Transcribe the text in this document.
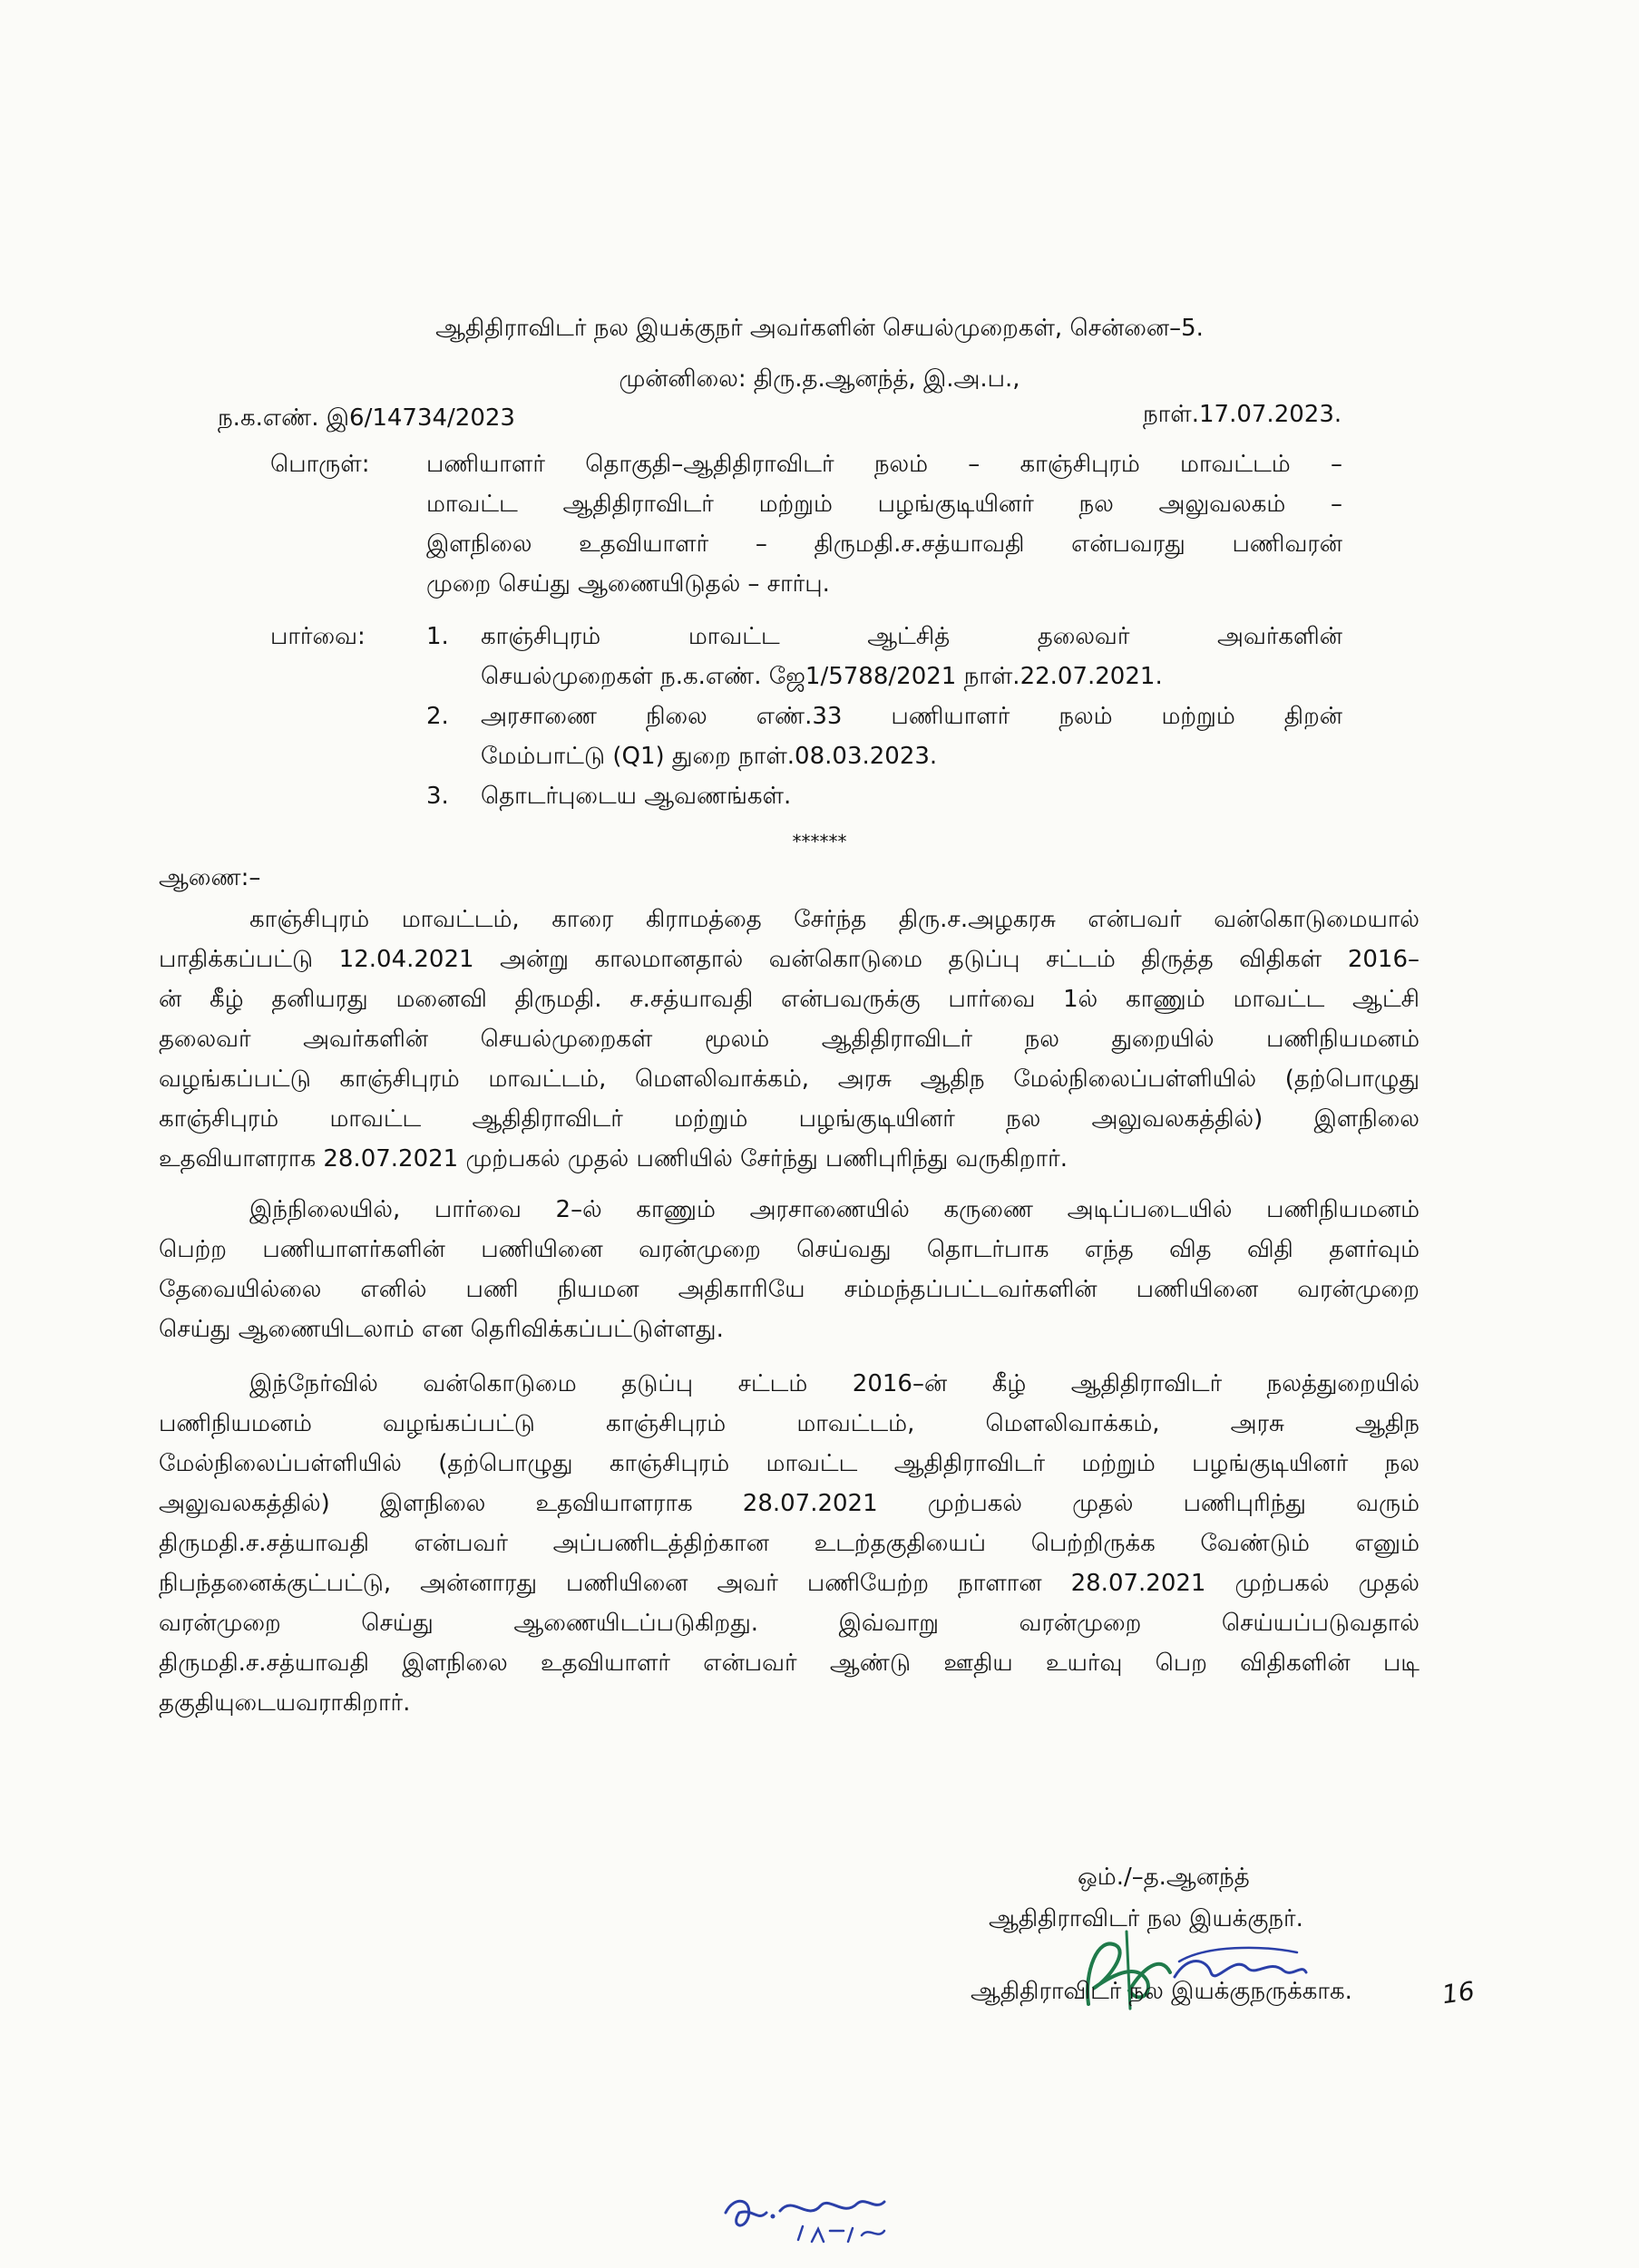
ஆதிதிராவிடர் நல இயக்குநர் அவர்களின் செயல்முறைகள், சென்னை–5.
முன்னிலை: திரு.த.ஆனந்த், இ.அ.ப.,
ந.க.எண். இ6/14734/2023	நாள்.17.07.2023.
பொருள்: பணியாளர் தொகுதி–ஆதிதிராவிடர் நலம் – காஞ்சிபுரம் மாவட்டம் –
மாவட்ட ஆதிதிராவிடர் மற்றும் பழங்குடியினர் நல அலுவலகம் –
இளநிலை உதவியாளர் – திருமதி.ச.சத்யாவதி என்பவரது பணிவரன்
முறை செய்து ஆணையிடுதல் – சார்பு.
பார்வை:	1. காஞ்சிபுரம் மாவட்ட ஆட்சித் தலைவர் அவர்களின்
செயல்முறைகள் ந.க.எண். ஜே1/5788/2021 நாள்.22.07.2021.
2. அரசாணை நிலை எண்.33 பணியாளர் நலம் மற்றும் திறன்
மேம்பாட்டு (Q1) துறை நாள்.08.03.2023.
3. தொடர்புடைய ஆவணங்கள்.
******
ஆணை:–
காஞ்சிபுரம் மாவட்டம், காரை கிராமத்தை சேர்ந்த திரு.ச.அழகரசு என்பவர் வன்கொடுமையால்
பாதிக்கப்பட்டு 12.04.2021 அன்று காலமானதால் வன்கொடுமை தடுப்பு சட்டம் திருத்த விதிகள் 2016–
ன் கீழ் தனியரது மனைவி திருமதி. ச.சத்யாவதி என்பவருக்கு பார்வை 1ல் காணும் மாவட்ட ஆட்சி
தலைவர் அவர்களின் செயல்முறைகள் மூலம் ஆதிதிராவிடர் நல துறையில் பணிநியமனம்
வழங்கப்பட்டு காஞ்சிபுரம் மாவட்டம், மௌலிவாக்கம், அரசு ஆதிந மேல்நிலைப்பள்ளியில் (தற்பொழுது
காஞ்சிபுரம் மாவட்ட ஆதிதிராவிடர் மற்றும் பழங்குடியினர் நல அலுவலகத்தில்) இளநிலை
உதவியாளராக 28.07.2021 முற்பகல் முதல் பணியில் சேர்ந்து பணிபுரிந்து வருகிறார்.
இந்நிலையில், பார்வை 2–ல் காணும் அரசாணையில் கருணை அடிப்படையில் பணிநியமனம்
பெற்ற பணியாளர்களின் பணியினை வரன்முறை செய்வது தொடர்பாக எந்த வித விதி தளர்வும்
தேவையில்லை எனில் பணி நியமன அதிகாரியே சம்மந்தப்பட்டவர்களின் பணியினை வரன்முறை
செய்து ஆணையிடலாம் என தெரிவிக்கப்பட்டுள்ளது.
இந்நேர்வில் வன்கொடுமை தடுப்பு சட்டம் 2016–ன் கீழ் ஆதிதிராவிடர் நலத்துறையில்
பணிநியமனம் வழங்கப்பட்டு காஞ்சிபுரம் மாவட்டம், மௌலிவாக்கம், அரசு ஆதிந
மேல்நிலைப்பள்ளியில் (தற்பொழுது காஞ்சிபுரம் மாவட்ட ஆதிதிராவிடர் மற்றும் பழங்குடியினர் நல
அலுவலகத்தில்) இளநிலை உதவியாளராக 28.07.2021 முற்பகல் முதல் பணிபுரிந்து வரும்
திருமதி.ச.சத்யாவதி என்பவர் அப்பணிடத்திற்கான உடற்தகுதியைப் பெற்றிருக்க வேண்டும் எனும்
நிபந்தனைக்குட்பட்டு, அன்னாரது பணியினை அவர் பணியேற்ற நாளான 28.07.2021 முற்பகல் முதல்
வரன்முறை செய்து ஆணையிடப்படுகிறது. இவ்வாறு வரன்முறை செய்யப்படுவதால்
திருமதி.ச.சத்யாவதி இளநிலை உதவியாளர் என்பவர் ஆண்டு ஊதிய உயர்வு பெற விதிகளின் படி
தகுதியுடையவராகிறார்.
ஒம்./–த.ஆனந்த்
ஆதிதிராவிடர் நல இயக்குநர்.
ஆதிதிராவிடர் நல இயக்குநருக்காக.	16
